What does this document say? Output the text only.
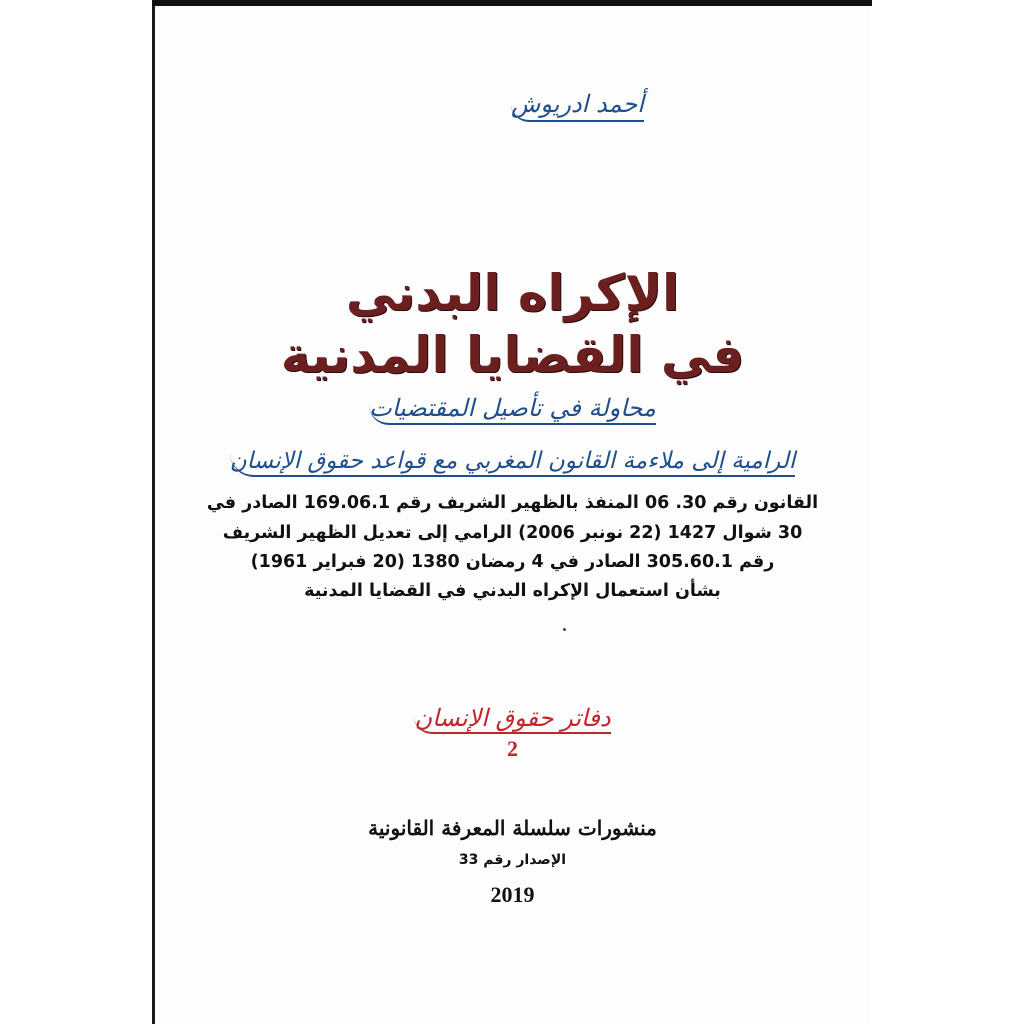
أحمد ادريوش
الإكراه البدني
في القضايا المدنية
محاولة في تأصيل المقتضيات
الرامية إلى ملاءمة القانون المغربي مع قواعد حقوق الإنسان
القانون رقم 30. 06 المنفذ بالظهير الشريف رقم 169.06.1 الصادر في
30 شوال 1427 (22 نونبر 2006) الرامي إلى تعديل الظهير الشريف
رقم 305.60.1 الصادر في 4 رمضان 1380 (20 فبراير 1961)
بشأن استعمال الإكراه البدني في القضايا المدنية
دفاتر حقوق الإنسان
2
منشورات سلسلة المعرفة القانونية
الإصدار رقم 33
2019
